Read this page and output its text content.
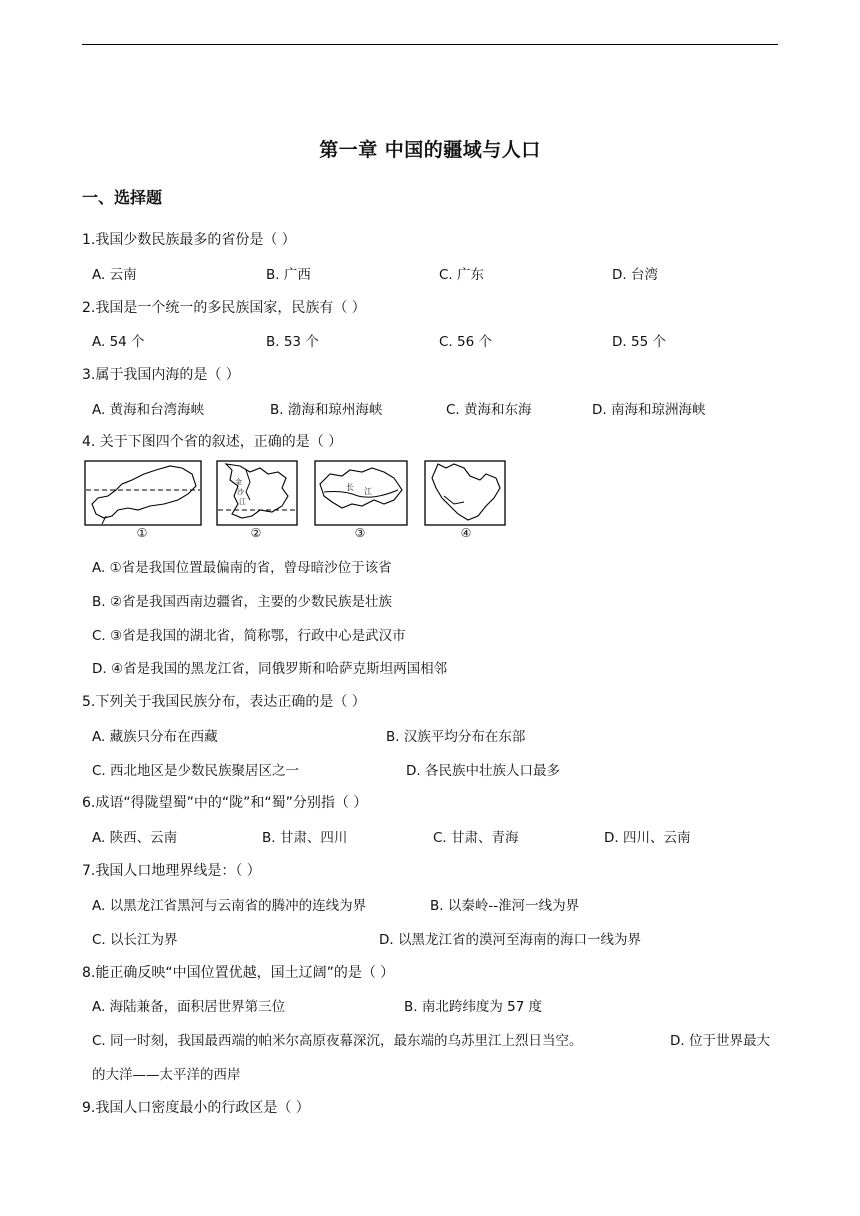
第一章 中国的疆域与人口
一、选择题
1.我国少数民族最多的省份是（ ）
A. 云南	B. 广西	C. 广东	D. 台湾
2.我国是一个统一的多民族国家，民族有（ ）
A. 54 个	B. 53 个	C. 56 个	D. 55 个
3.属于我国内海的是（ ）
A. 黄海和台湾海峡	B. 渤海和琼州海峡	C. 黄海和东海	D. 南海和琼洲海峡
4. 关于下图四个省的叙述，正确的是（ ）
①
金
沙
江
②
长 江
③	④
A. ①省是我国位置最偏南的省，曾母暗沙位于该省
B. ②省是我国西南边疆省，主要的少数民族是壮族
C. ③省是我国的湖北省，简称鄂，行政中心是武汉市
D. ④省是我国的黑龙江省，同俄罗斯和哈萨克斯坦两国相邻
5.下列关于我国民族分布，表达正确的是（ ）
A. 藏族只分布在西藏	B. 汉族平均分布在东部
C. 西北地区是少数民族聚居区之一	D. 各民族中壮族人口最多
6.成语“得陇望蜀”中的“陇”和“蜀”分别指（ ）
A. 陕西、云南	B. 甘肃、四川	C. 甘肃、青海	D. 四川、云南
7.我国人口地理界线是：（ ）
A. 以黑龙江省黑河与云南省的腾冲的连线为界	B. 以秦岭--淮河一线为界
C. 以长江为界	D. 以黑龙江省的漠河至海南的海口一线为界
8.能正确反映“中国位置优越，国土辽阔”的是（ ）
A. 海陆兼备，面积居世界第三位	B. 南北跨纬度为 57 度
C. 同一时刻，我国最西端的帕米尔高原夜幕深沉，最东端的乌苏里江上烈日当空。	D. 位于世界最大
的大洋——太平洋的西岸
9.我国人口密度最小的行政区是（ ）
